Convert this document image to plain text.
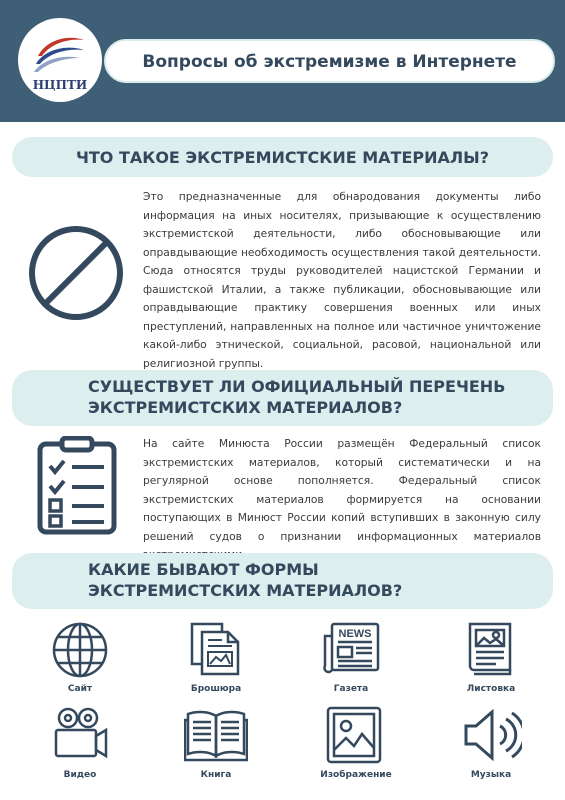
НЦПТИ
Вопросы об экстремизме в Интернете
ЧТО ТАКОЕ ЭКСТРЕМИСТСКИЕ МАТЕРИАЛЫ?
Это предназначенные для обнародования документы либо информация на иных носителях, призывающие к осуществлению экстремистской деятельности, либо обосновывающие или оправдывающие необходимость осуществления такой деятельности. Сюда относятся труды руководителей нацистской Германии и фашистской Италии, а также публикации, обосновывающие или оправдывающие практику совершения военных или иных преступлений, направленных на полное или частичное уничтожение какой-либо этнической, социальной, расовой, национальной или религиозной группы.
СУЩЕСТВУЕТ ЛИ ОФИЦИАЛЬНЫЙ ПЕРЕЧЕНЬ
ЭКСТРЕМИСТСКИХ МАТЕРИАЛОВ?
На сайте Минюста России размещён Федеральный список экстремистских материалов, который систематически и на регулярной основе пополняется. Федеральный список экстремистских материалов формируется на основании поступающих в Минюст России копий вступивших в законную силу решений судов о признании информационных материалов
КАКИЕ БЫВАЮТ ФОРМЫ
ЭКСТРЕМИСТСКИХ МАТЕРИАЛОВ?
Сайт	Брошюра
NEWS
Газета	Листовка
Видео	Книга	Изображение	Музыка
